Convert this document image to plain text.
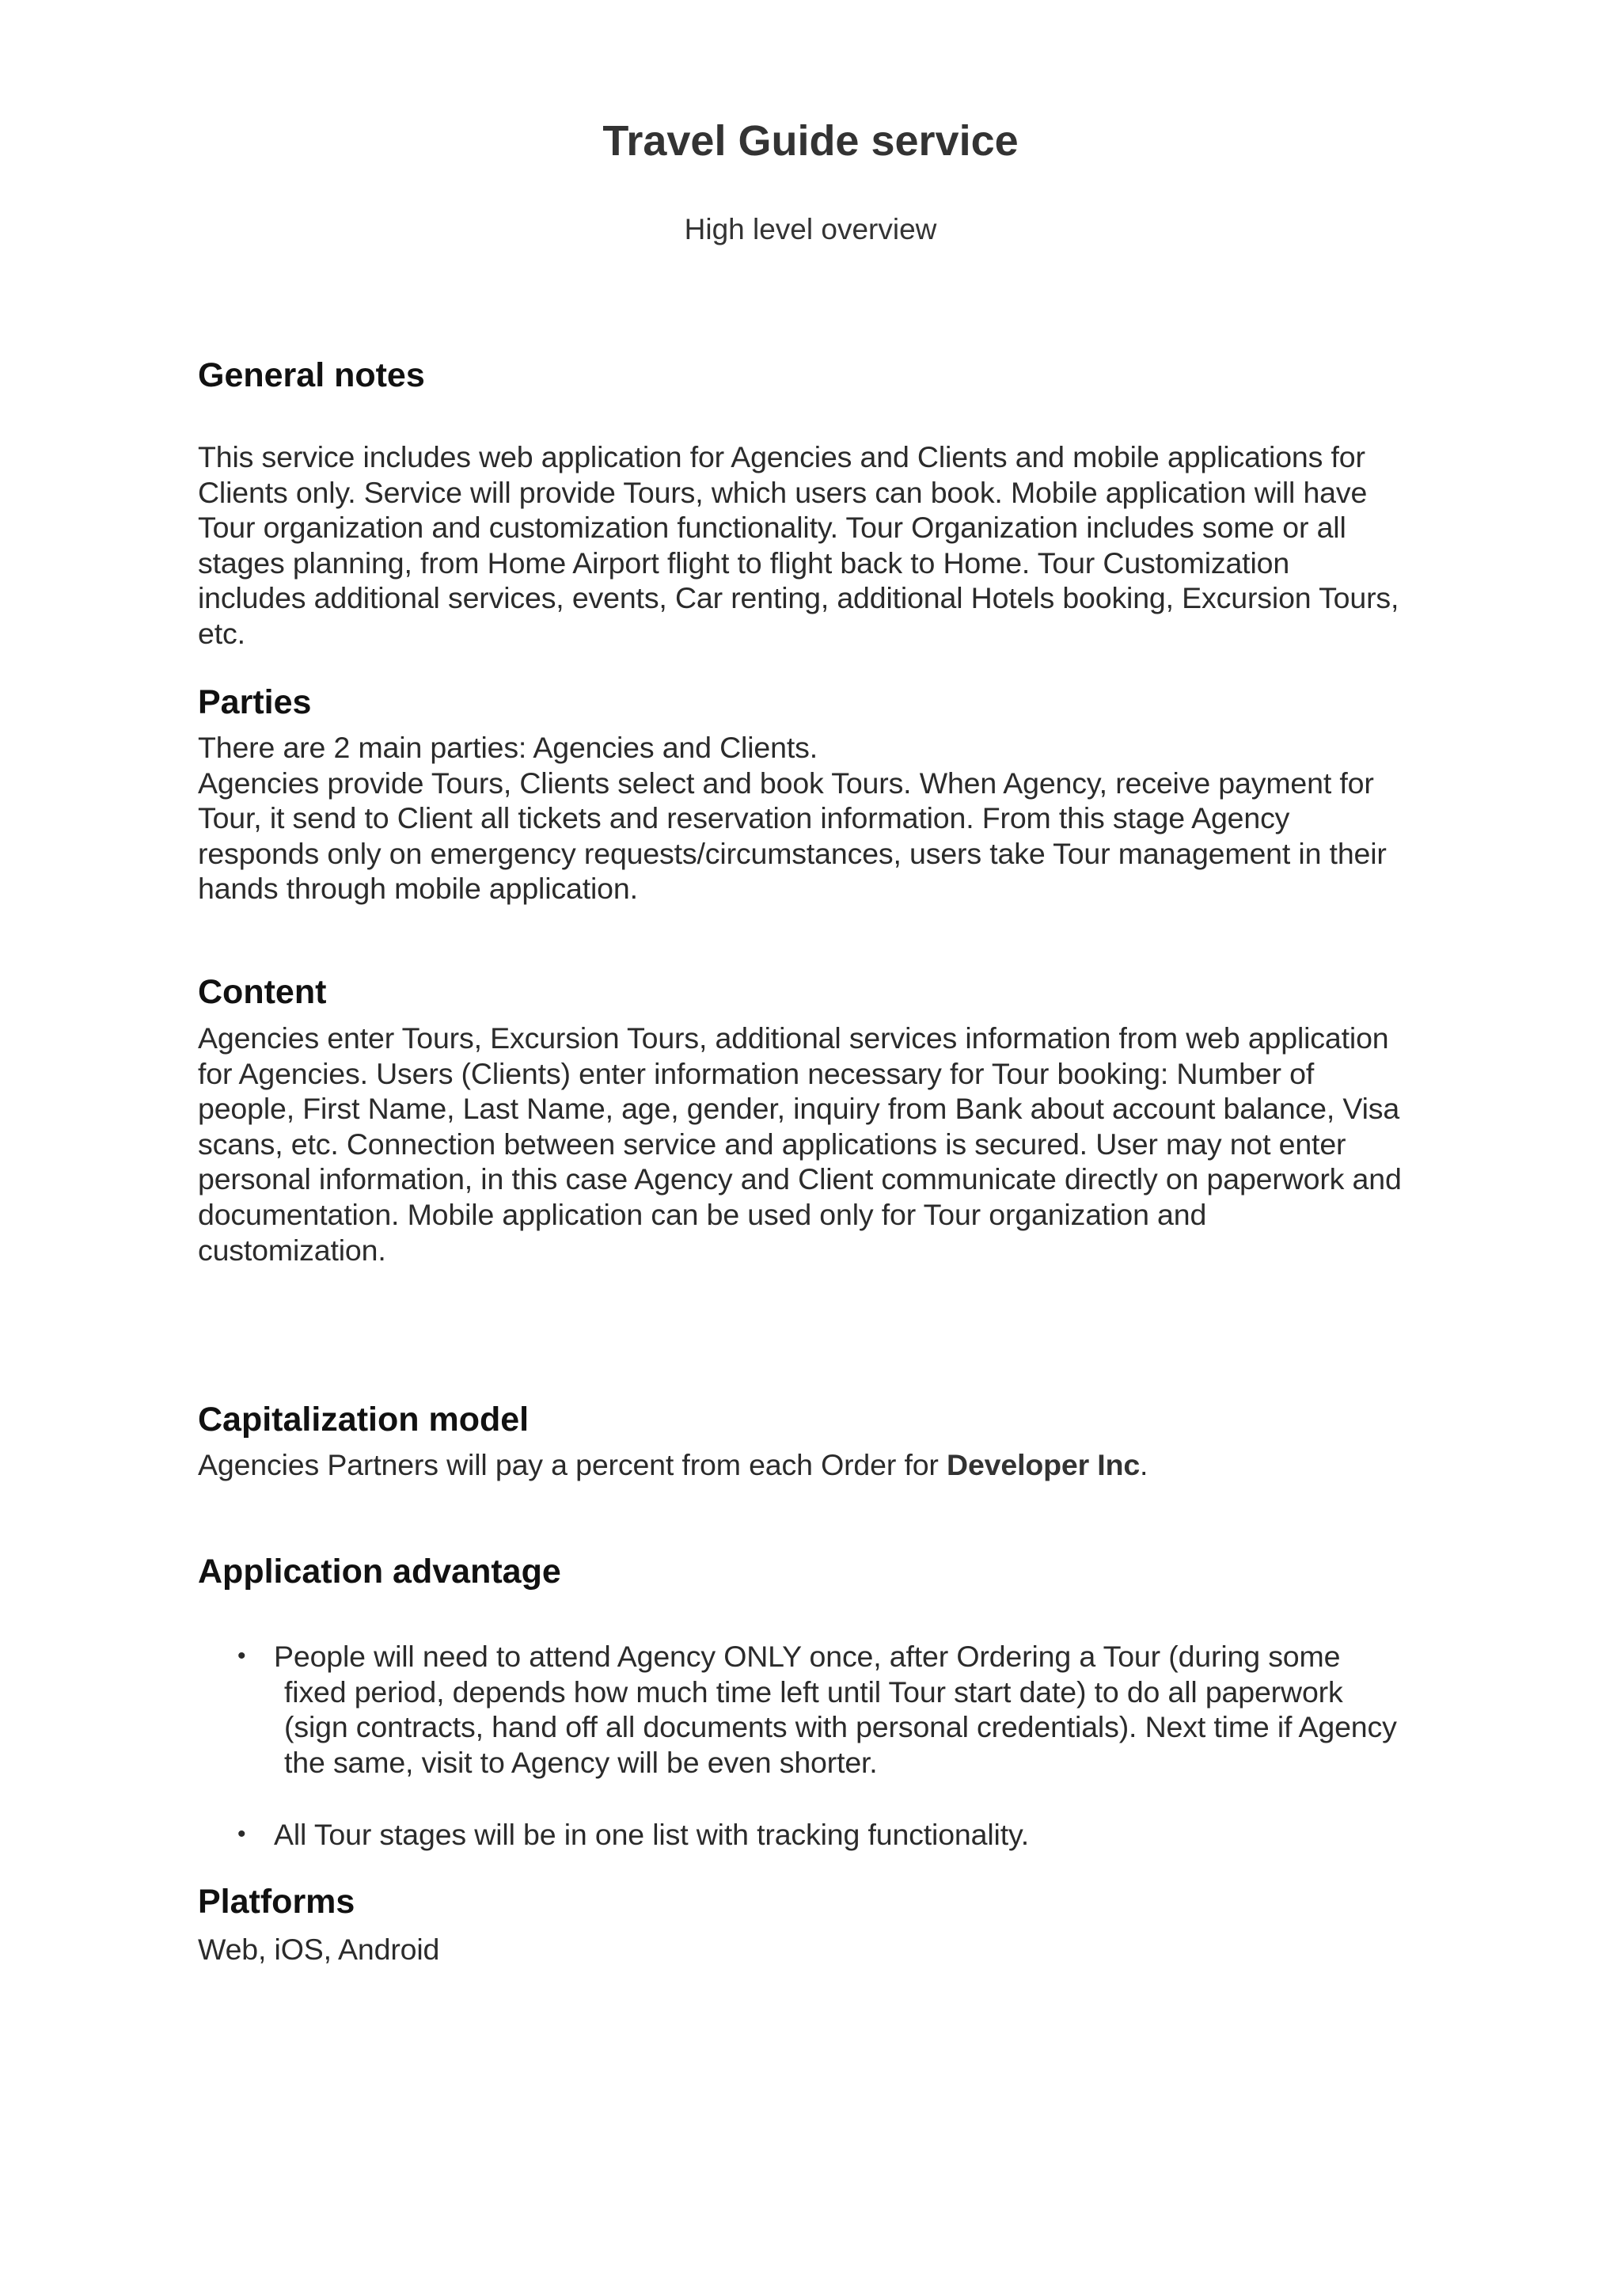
Travel Guide service
High level overview
General notes
This service includes web application for Agencies and Clients and mobile applications for
Clients only. Service will provide Tours, which users can book. Mobile application will have
Tour organization and customization functionality. Tour Organization includes some or all
stages planning, from Home Airport flight to flight back to Home. Tour Customization
includes additional services, events, Car renting, additional Hotels booking, Excursion Tours,
etc.
Parties
There are 2 main parties: Agencies and Clients.
Agencies provide Tours, Clients select and book Tours. When Agency, receive payment for
Tour, it send to Client all tickets and reservation information. From this stage Agency
responds only on emergency requests/circumstances, users take Tour management in their
hands through mobile application.
Content
Agencies enter Tours, Excursion Tours, additional services information from web application
for Agencies. Users (Clients) enter information necessary for Tour booking: Number of
people, First Name, Last Name, age, gender, inquiry from Bank about account balance, Visa
scans, etc. Connection between service and applications is secured. User may not enter
personal information, in this case Agency and Client communicate directly on paperwork and
documentation. Mobile application can be used only for Tour organization and
customization.
Capitalization model
Agencies Partners will pay a percent from each Order for Developer Inc.
Application advantage
• People will need to attend Agency ONLY once, after Ordering a Tour (during some
fixed period, depends how much time left until Tour start date) to do all paperwork
(sign contracts, hand off all documents with personal credentials). Next time if Agency
the same, visit to Agency will be even shorter.
• All Tour stages will be in one list with tracking functionality.
Platforms
Web, iOS, Android
